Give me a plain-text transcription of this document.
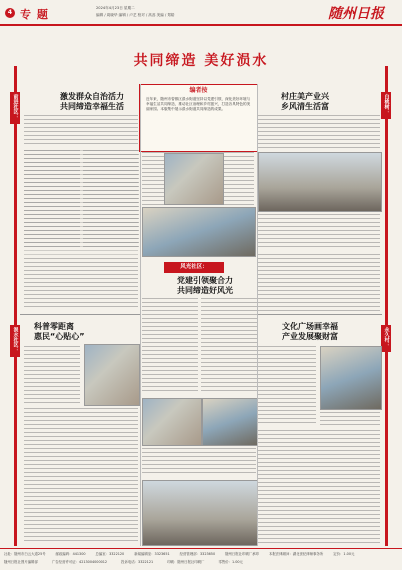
4 专 题	2024年4月23日 星期二
编辑 / 周晓华 编辑 / 卢艺 校对 / 高蕊 美编 / 郑皓	随州日报
共同缔造 美好涢水
前进社区：
涢水社区：
白桃树：
永久村：
激发群众自治活力
共同缔造幸福生活
编者按
近年来，随州市曾都区涢水街道坚持以党建引领，深化美好环境与幸福生活共同缔造，推动社区治理和乡村振兴，打造各具特色的美丽家园。本版集中展示涢水街道共同缔造的成果。
村庄美产业兴
乡风清生活富
风光社区：
党建引领聚合力
共同缔造好风光
科普零距离
惠民“心贴心”
文化广场画幸福
产业发展聚财富
社址：随州市白云大道25号	邮政编码：441300	总编室：3322120	新闻编辑室：3323651	经营管理部：3323650	随州日报社印刷厂承印	本报法律顾问：湖北世纪律师事务所	定价：1.00元
随州日报社图片编辑部	广告经营许可证：4213004000012	投诉电话：3322121	印刷：随州日报社印刷厂	零售价：1.00元
